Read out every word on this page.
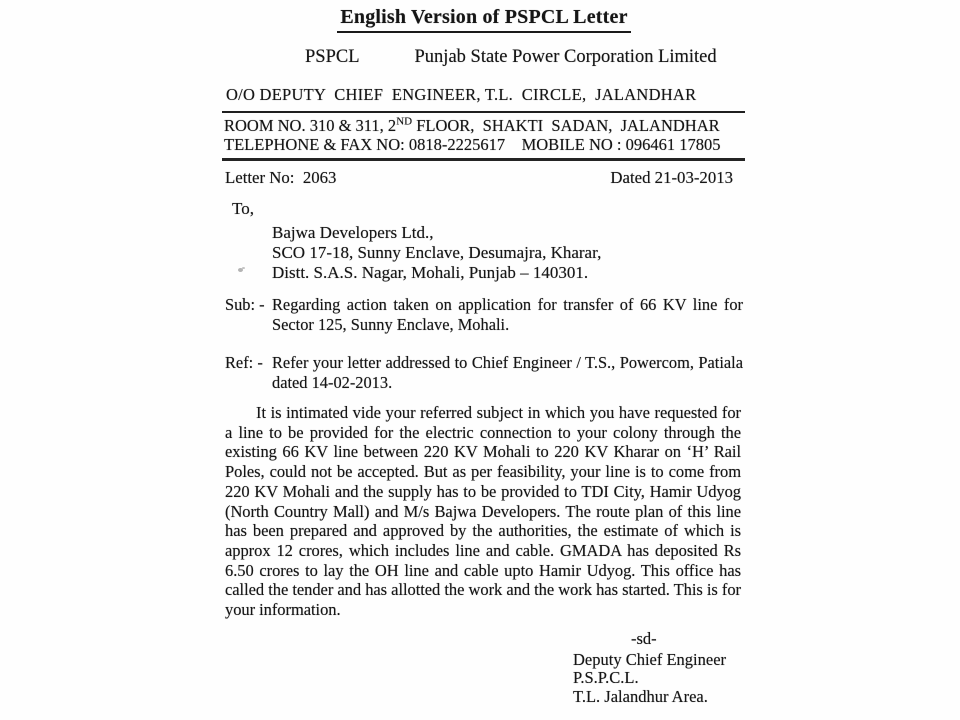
English Version of PSPCL Letter
PSPCL	Punjab State Power Corporation Limited
O/O DEPUTY  CHIEF  ENGINEER, T.L.  CIRCLE,  JALANDHAR
ROOM NO. 310 & 311, 2ND FLOOR,  SHAKTI  SADAN,  JALANDHAR
TELEPHONE & FAX NO: 0818-2225617    MOBILE NO : 096461 17805
Letter No:  2063	Dated 21-03-2013
To,
Bajwa Developers Ltd.,
SCO 17-18, Sunny Enclave, Desumajra, Kharar,
Distt. S.A.S. Nagar, Mohali, Punjab – 140301.
Sub: - Regarding action taken on application for transfer of 66 KV line for Sector 125, Sunny Enclave, Mohali.
Ref: - Refer your letter addressed to Chief Engineer / T.S., Powercom, Patiala dated 14-02-2013.
It is intimated vide your referred subject in which you have requested for a line to be provided for the electric connection to your colony through the existing 66 KV line between 220 KV Mohali to 220 KV Kharar on ‘H’ Rail Poles, could not be accepted. But as per feasibility, your line is to come from 220 KV Mohali and the supply has to be provided to TDI City, Hamir Udyog (North Country Mall) and M/s Bajwa Developers. The route plan of this line has been prepared and approved by the authorities, the estimate of which is approx 12 crores, which includes line and cable. GMADA has deposited Rs 6.50 crores to lay the OH line and cable upto Hamir Udyog. This office has called the tender and has allotted the work and the work has started. This is for your information.
-sd-
Deputy Chief Engineer
P.S.P.C.L.
T.L. Jalandhur Area.
